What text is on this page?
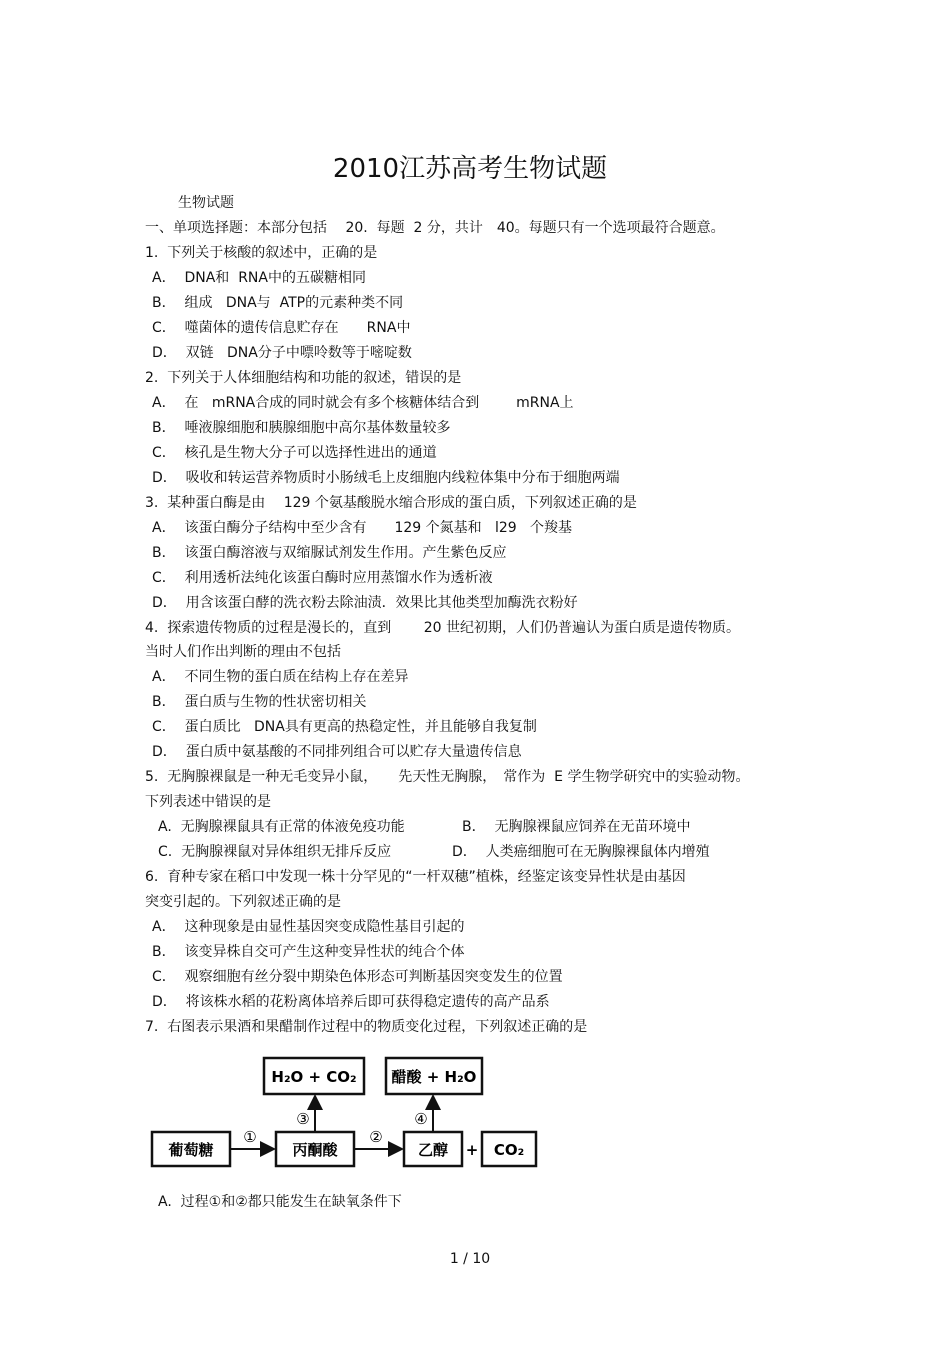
2010江苏高考生物试题
生物试题
一、单项选择题：本部分包括　 20.  每题  2 分，共计　40。每题只有一个选项最符合题意。
1.  下列关于核酸的叙述中，正确的是
A．  DNA和  RNA中的五碳糖相同
B．  组成   DNA与  ATP的元素种类不同
C．  噬菌体的遗传信息贮存在　　RNA中
D．  双链   DNA分子中嘌呤数等于嘧啶数
2.  下列关于人体细胞结构和功能的叙述，错误的是
A．  在   mRNA合成的同时就会有多个核糖体结合到　　  mRNA上
B．  唾液腺细胞和胰腺细胞中高尔基体数量较多
C．  核孔是生物大分子可以选择性进出的通道
D．  吸收和转运营养物质时小肠绒毛上皮细胞内线粒体集中分布于细胞两端
3.  某种蛋白酶是由　 129 个氨基酸脱水缩合形成的蛋白质，下列叙述正确的是
A．  该蛋白酶分子结构中至少含有　　129 个氮基和   l29   个羧基
B．  该蛋白酶溶液与双缩脲试剂发生作用。产生紫色反应
C．  利用透析法纯化该蛋白酶时应用蒸馏水作为透析液
D．  用含该蛋白酵的洗衣粉去除油渍．效果比其他类型加酶洗衣粉好
4.  探索遗传物质的过程是漫长的，直到　　 20 世纪初期，人们仍普遍认为蛋白质是遗传物质。
当时人们作出判断的理由不包括
A．  不同生物的蛋白质在结构上存在差异
B．  蛋白质与生物的性状密切相关
C．  蛋白质比   DNA具有更高的热稳定性，并且能够自我复制
D．  蛋白质中氨基酸的不同排列组合可以贮存大量遗传信息
5.  无胸腺裸鼠是一种无毛变异小鼠，　　先天性无胸腺，　常作为  E 学生物学研究中的实验动物。
下列表述中错误的是
A.  无胸腺裸鼠具有正常的体液免疫功能	B．  无胸腺裸鼠应饲养在无苗环境中
C.  无胸腺裸鼠对异体组织无排斥反应	D．  人类癌细胞可在无胸腺裸鼠体内增殖
6.  育种专家在稻口中发现一株十分罕见的“一杆双穗”植株，经鉴定该变异性状是由基因
突变引起的。下列叙述正确的是
A．  这种现象是由显性基因突变成隐性基目引起的
B．  该变异株自交可产生这种变异性状的纯合个体
C．  观察细胞有丝分裂中期染色体形态可判断基因突变发生的位置
D．  将该株水稻的花粉离体培养后即可获得稳定遗传的高产品系
7.  右图表示果酒和果醋制作过程中的物质变化过程，下列叙述正确的是
H₂O + CO₂ 醋酸 + H₂O
葡萄糖	丙酮酸	乙醇	CO₂
+
①	②
③	④
A.  过程①和②都只能发生在缺氧条件下
1 / 10
